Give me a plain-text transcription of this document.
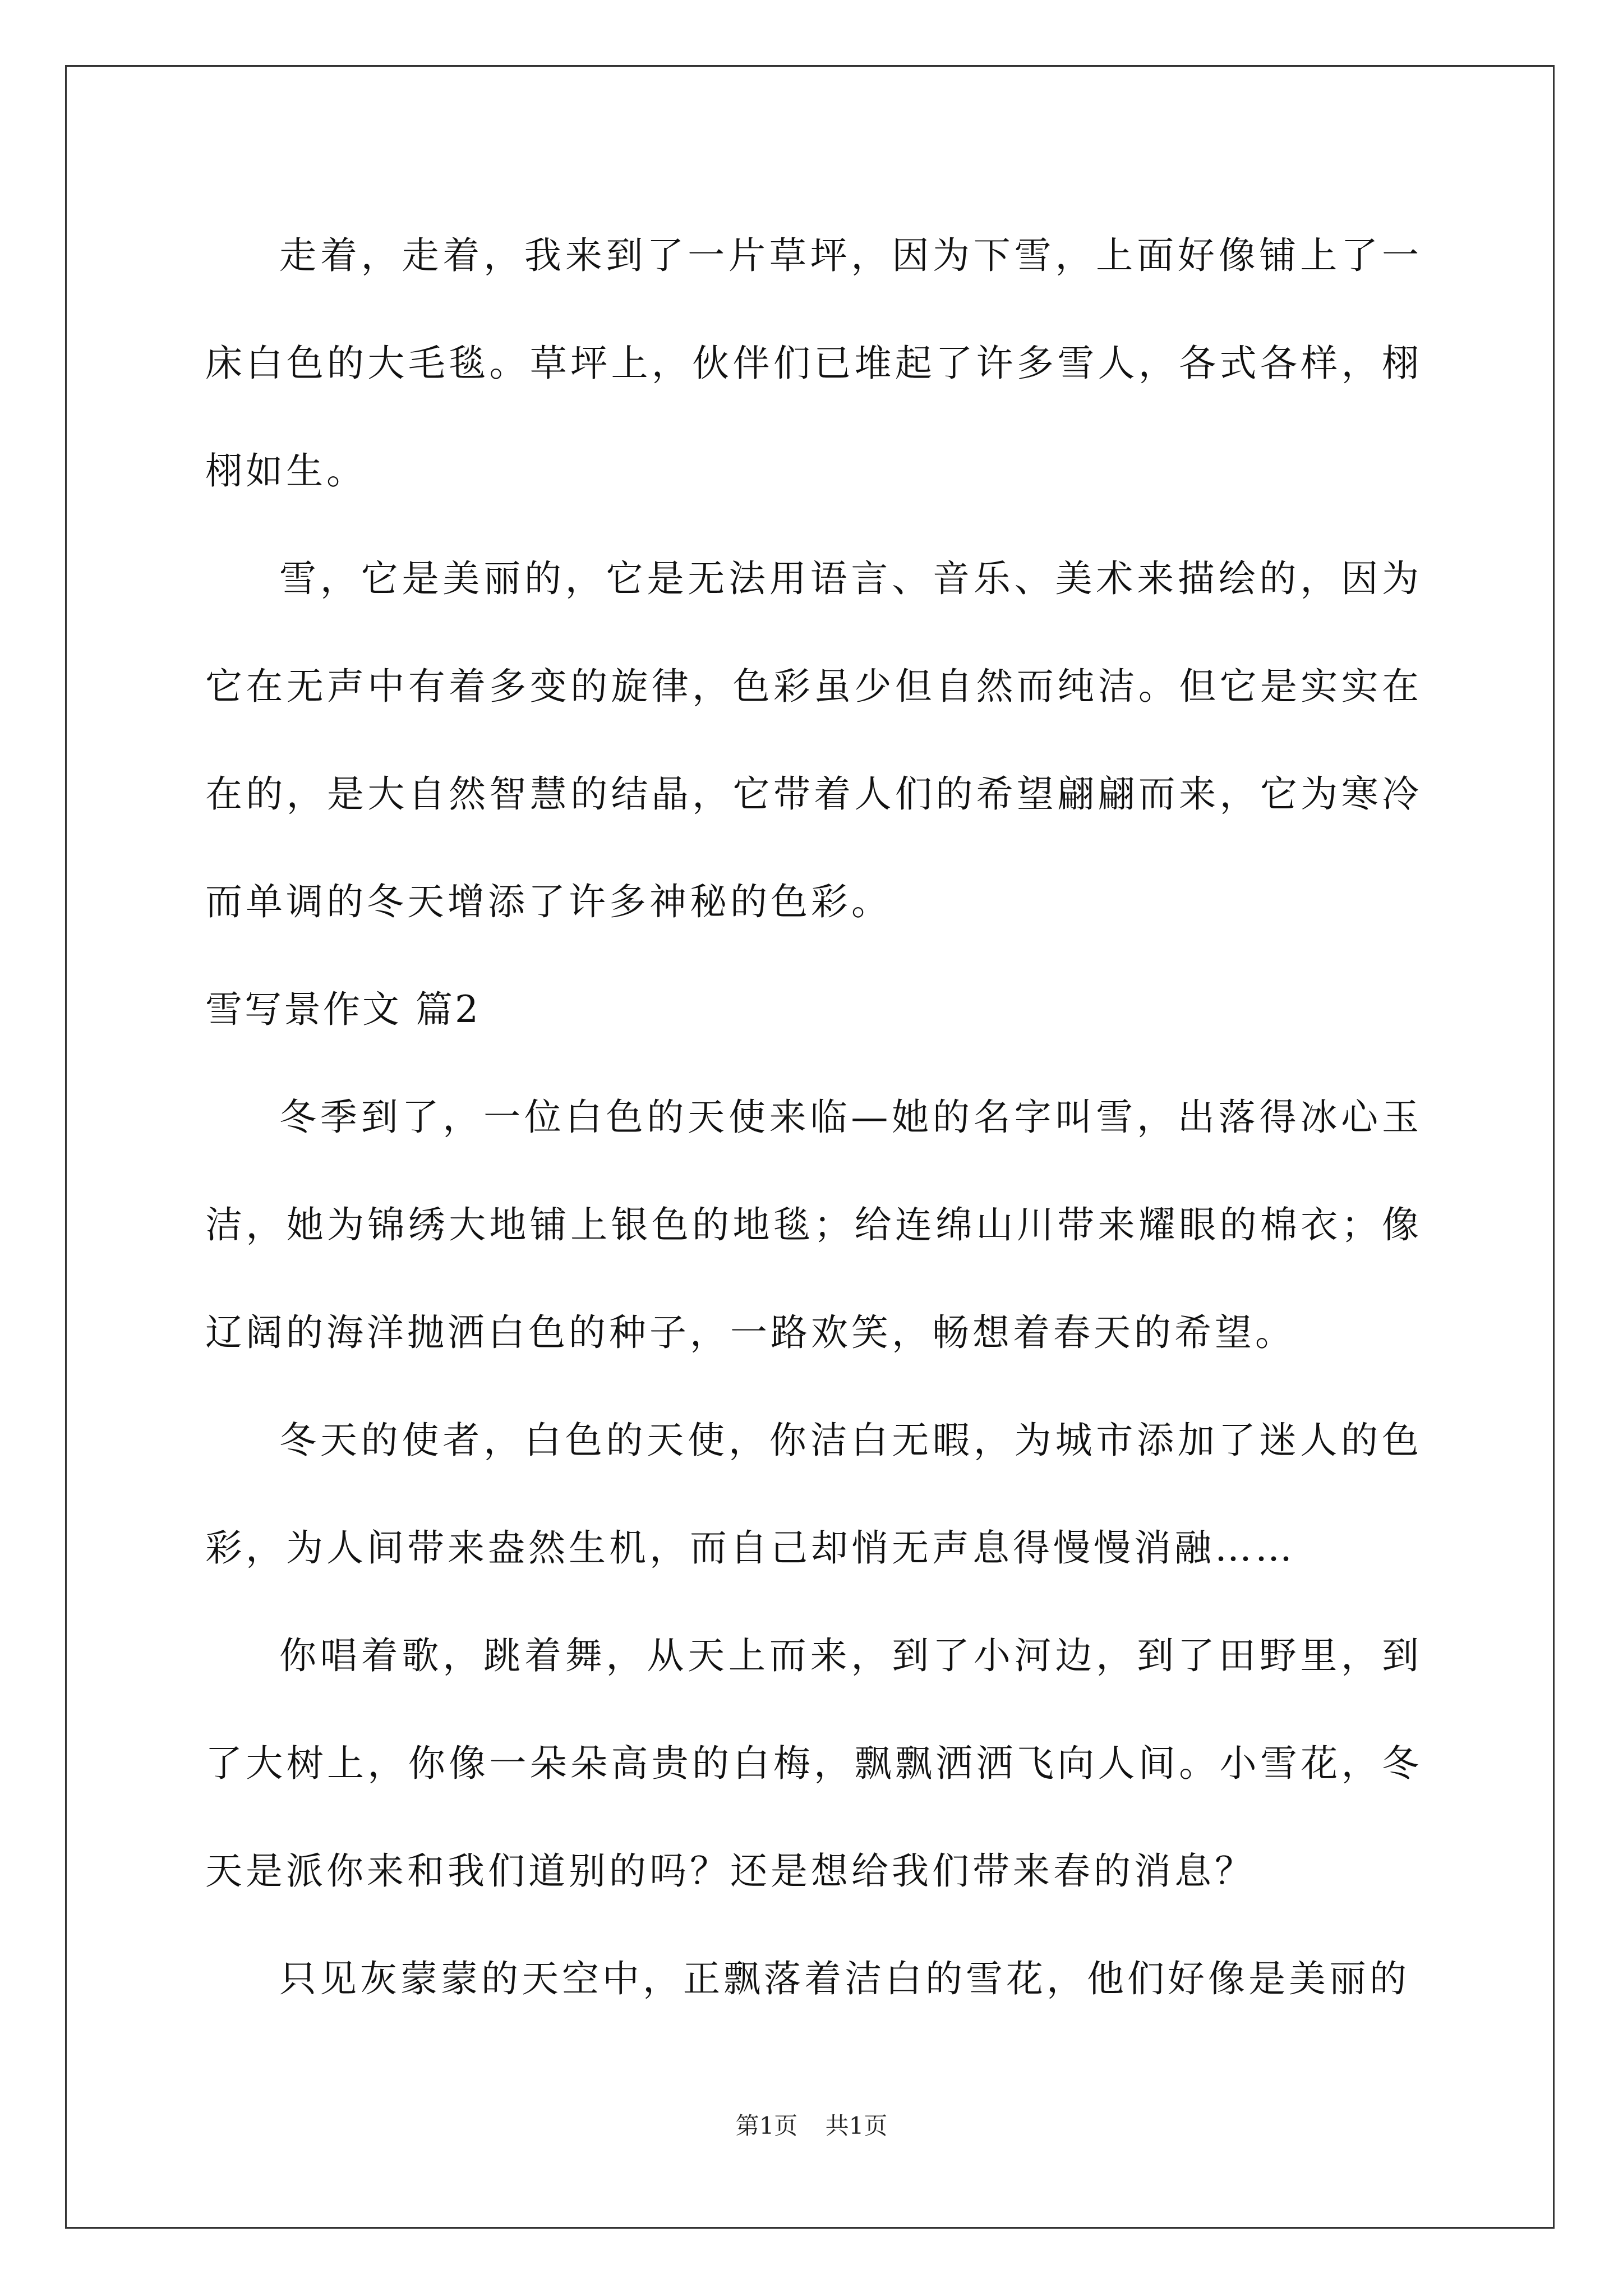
走着，走着，我来到了一片草坪，因为下雪，上面好像铺上了一床白色的大毛毯。草坪上，伙伴们已堆起了许多雪人，各式各样，栩栩如生。

雪，它是美丽的，它是无法用语言、音乐、美术来描绘的，因为它在无声中有着多变的旋律，色彩虽少但自然而纯洁。但它是实实在在的，是大自然智慧的结晶，它带着人们的希望翩翩而来，它为寒冷而单调的冬天增添了许多神秘的色彩。

雪写景作文 篇2

冬季到了，一位白色的天使来临—她的名字叫雪，出落得冰心玉洁，她为锦绣大地铺上银色的地毯；给连绵山川带来耀眼的棉衣；像辽阔的海洋抛洒白色的种子，一路欢笑，畅想着春天的希望。

冬天的使者，白色的天使，你洁白无暇，为城市添加了迷人的色彩，为人间带来盎然生机，而自己却悄无声息得慢慢消融……

你唱着歌，跳着舞，从天上而来，到了小河边，到了田野里，到了大树上，你像一朵朵高贵的白梅，飘飘洒洒飞向人间。小雪花，冬天是派你来和我们道别的吗？还是想给我们带来春的消息？

只见灰蒙蒙的天空中，正飘落着洁白的雪花，他们好像是美丽的

第1页 共1页
